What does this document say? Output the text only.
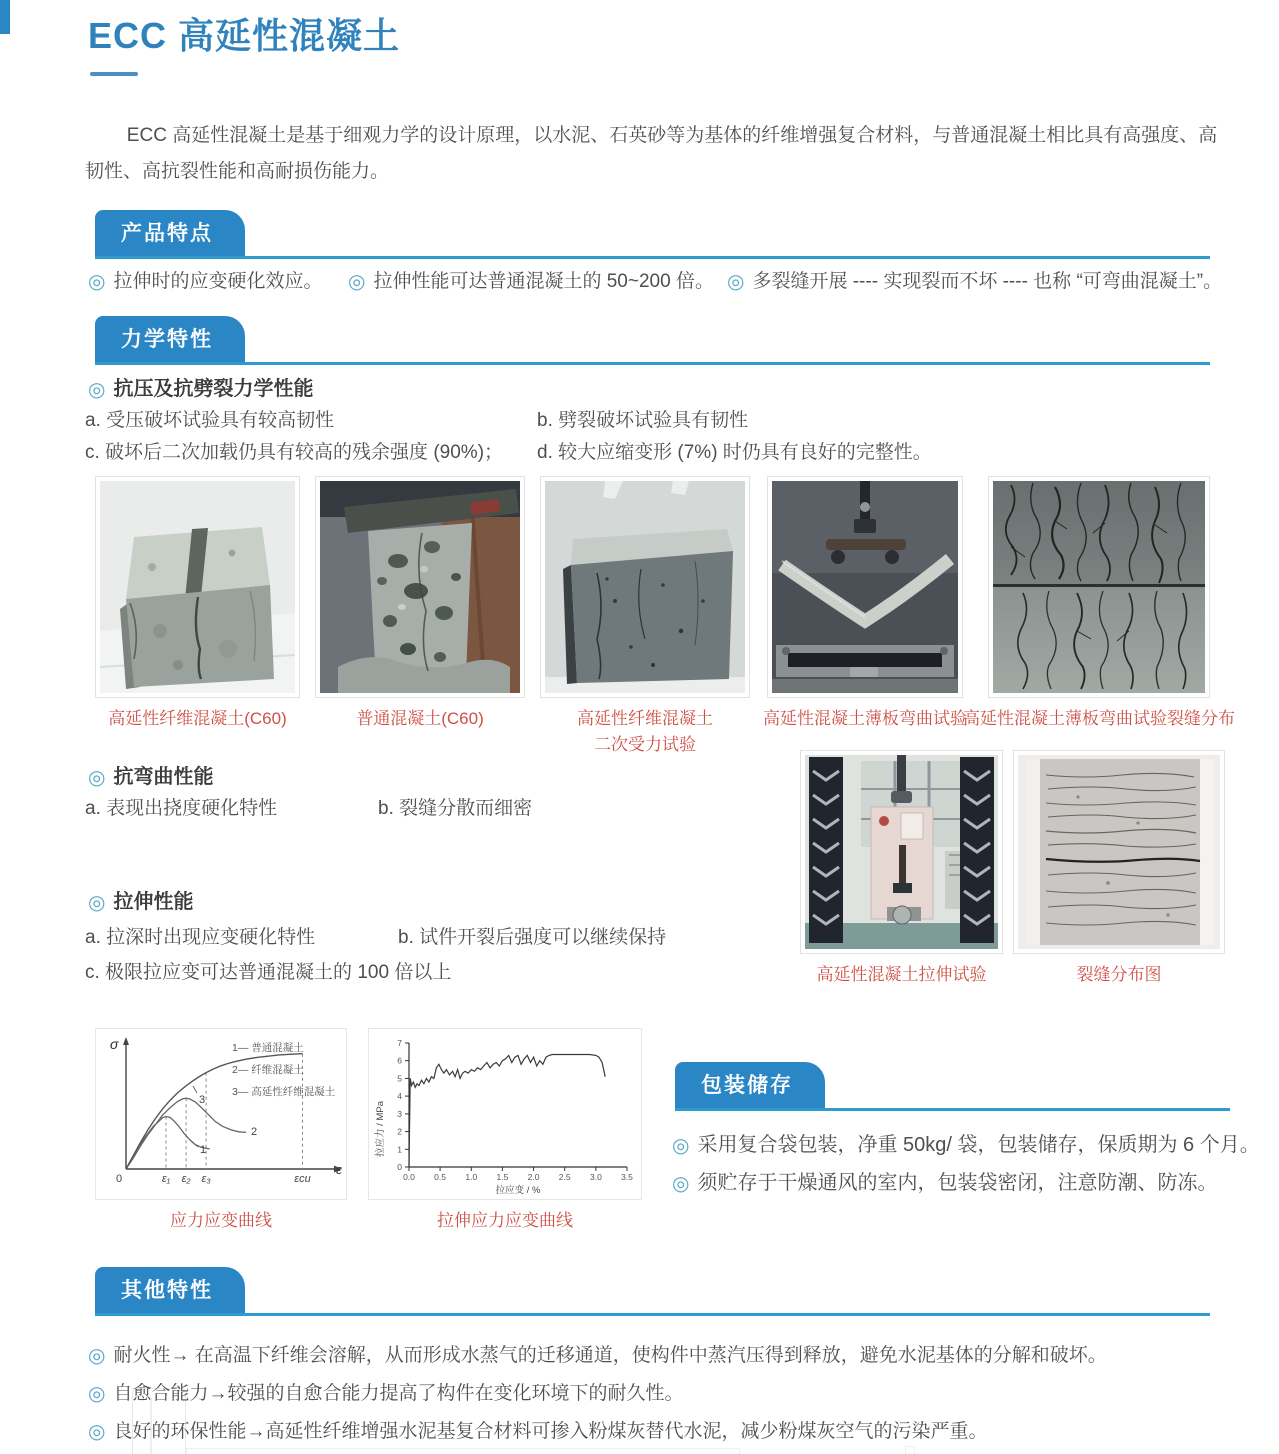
ECC 高延性混凝土
ECC 高延性混凝土是基于细观力学的设计原理，以水泥、石英砂等为基体的纤维增强复合材料，与普通混凝土相比具有高强度、高韧性、高抗裂性能和高耐损伤能力。
产品特点
◎ 拉伸时的应变硬化效应。 ◎ 拉伸性能可达普通混凝土的 50~200 倍。 ◎ 多裂缝开展 ---- 实现裂而不坏 ---- 也称 “可弯曲混凝土”。
力学特性
◎ 抗压及抗劈裂力学性能
a. 受压破坏试验具有较高韧性	b. 劈裂破坏试验具有韧性
c. 破坏后二次加载仍具有较高的残余强度 (90%)； d. 较大应缩变形 (7%) 时仍具有良好的完整性。
高延性纤维混凝土(C60)	普通混凝土(C60)	高延性纤维混凝土
二次受力试验
高延性混凝土薄板弯曲试验
高延性混凝土薄板弯曲试验裂缝分布
◎ 抗弯曲性能
a. 表现出挠度硬化特性	b. 裂缝分散而细密
高延性混凝土拉伸试验	裂缝分布图
◎ 拉伸性能
a. 拉深时出现应变硬化特性	b. 试件开裂后强度可以继续保持
c. 极限拉应变可达普通混凝土的 100 倍以上
σ
ε
0	ε₁ ε₂ ε₃	εcu
1— 普通混凝土
2— 纤维混凝土
3— 高延性纤维混凝土
1
2
3
应力应变曲线
0.0 0.5 1.0 1.5 2.0 2.5 3.0 3.5
0
1
2
3
4
5
6
7
拉应变 / %
拉应力 / MPa
拉伸应力应变曲线
包装储存
◎ 采用复合袋包装，净重 50kg/ 袋，包装储存，保质期为 6 个月。
◎ 须贮存于干燥通风的室内，包装袋密闭，注意防潮、防冻。
其他特性
◎ 耐火性→ 在高温下纤维会溶解，从而形成水蒸气的迁移通道，使构件中蒸汽压得到释放，避免水泥基体的分解和破坏。
◎ 自愈合能力→较强的自愈合能力提高了构件在变化环境下的耐久性。
◎ 良好的环保性能→高延性纤维增强水泥基复合材料可掺入粉煤灰替代水泥，减少粉煤灰空气的污染严重。
